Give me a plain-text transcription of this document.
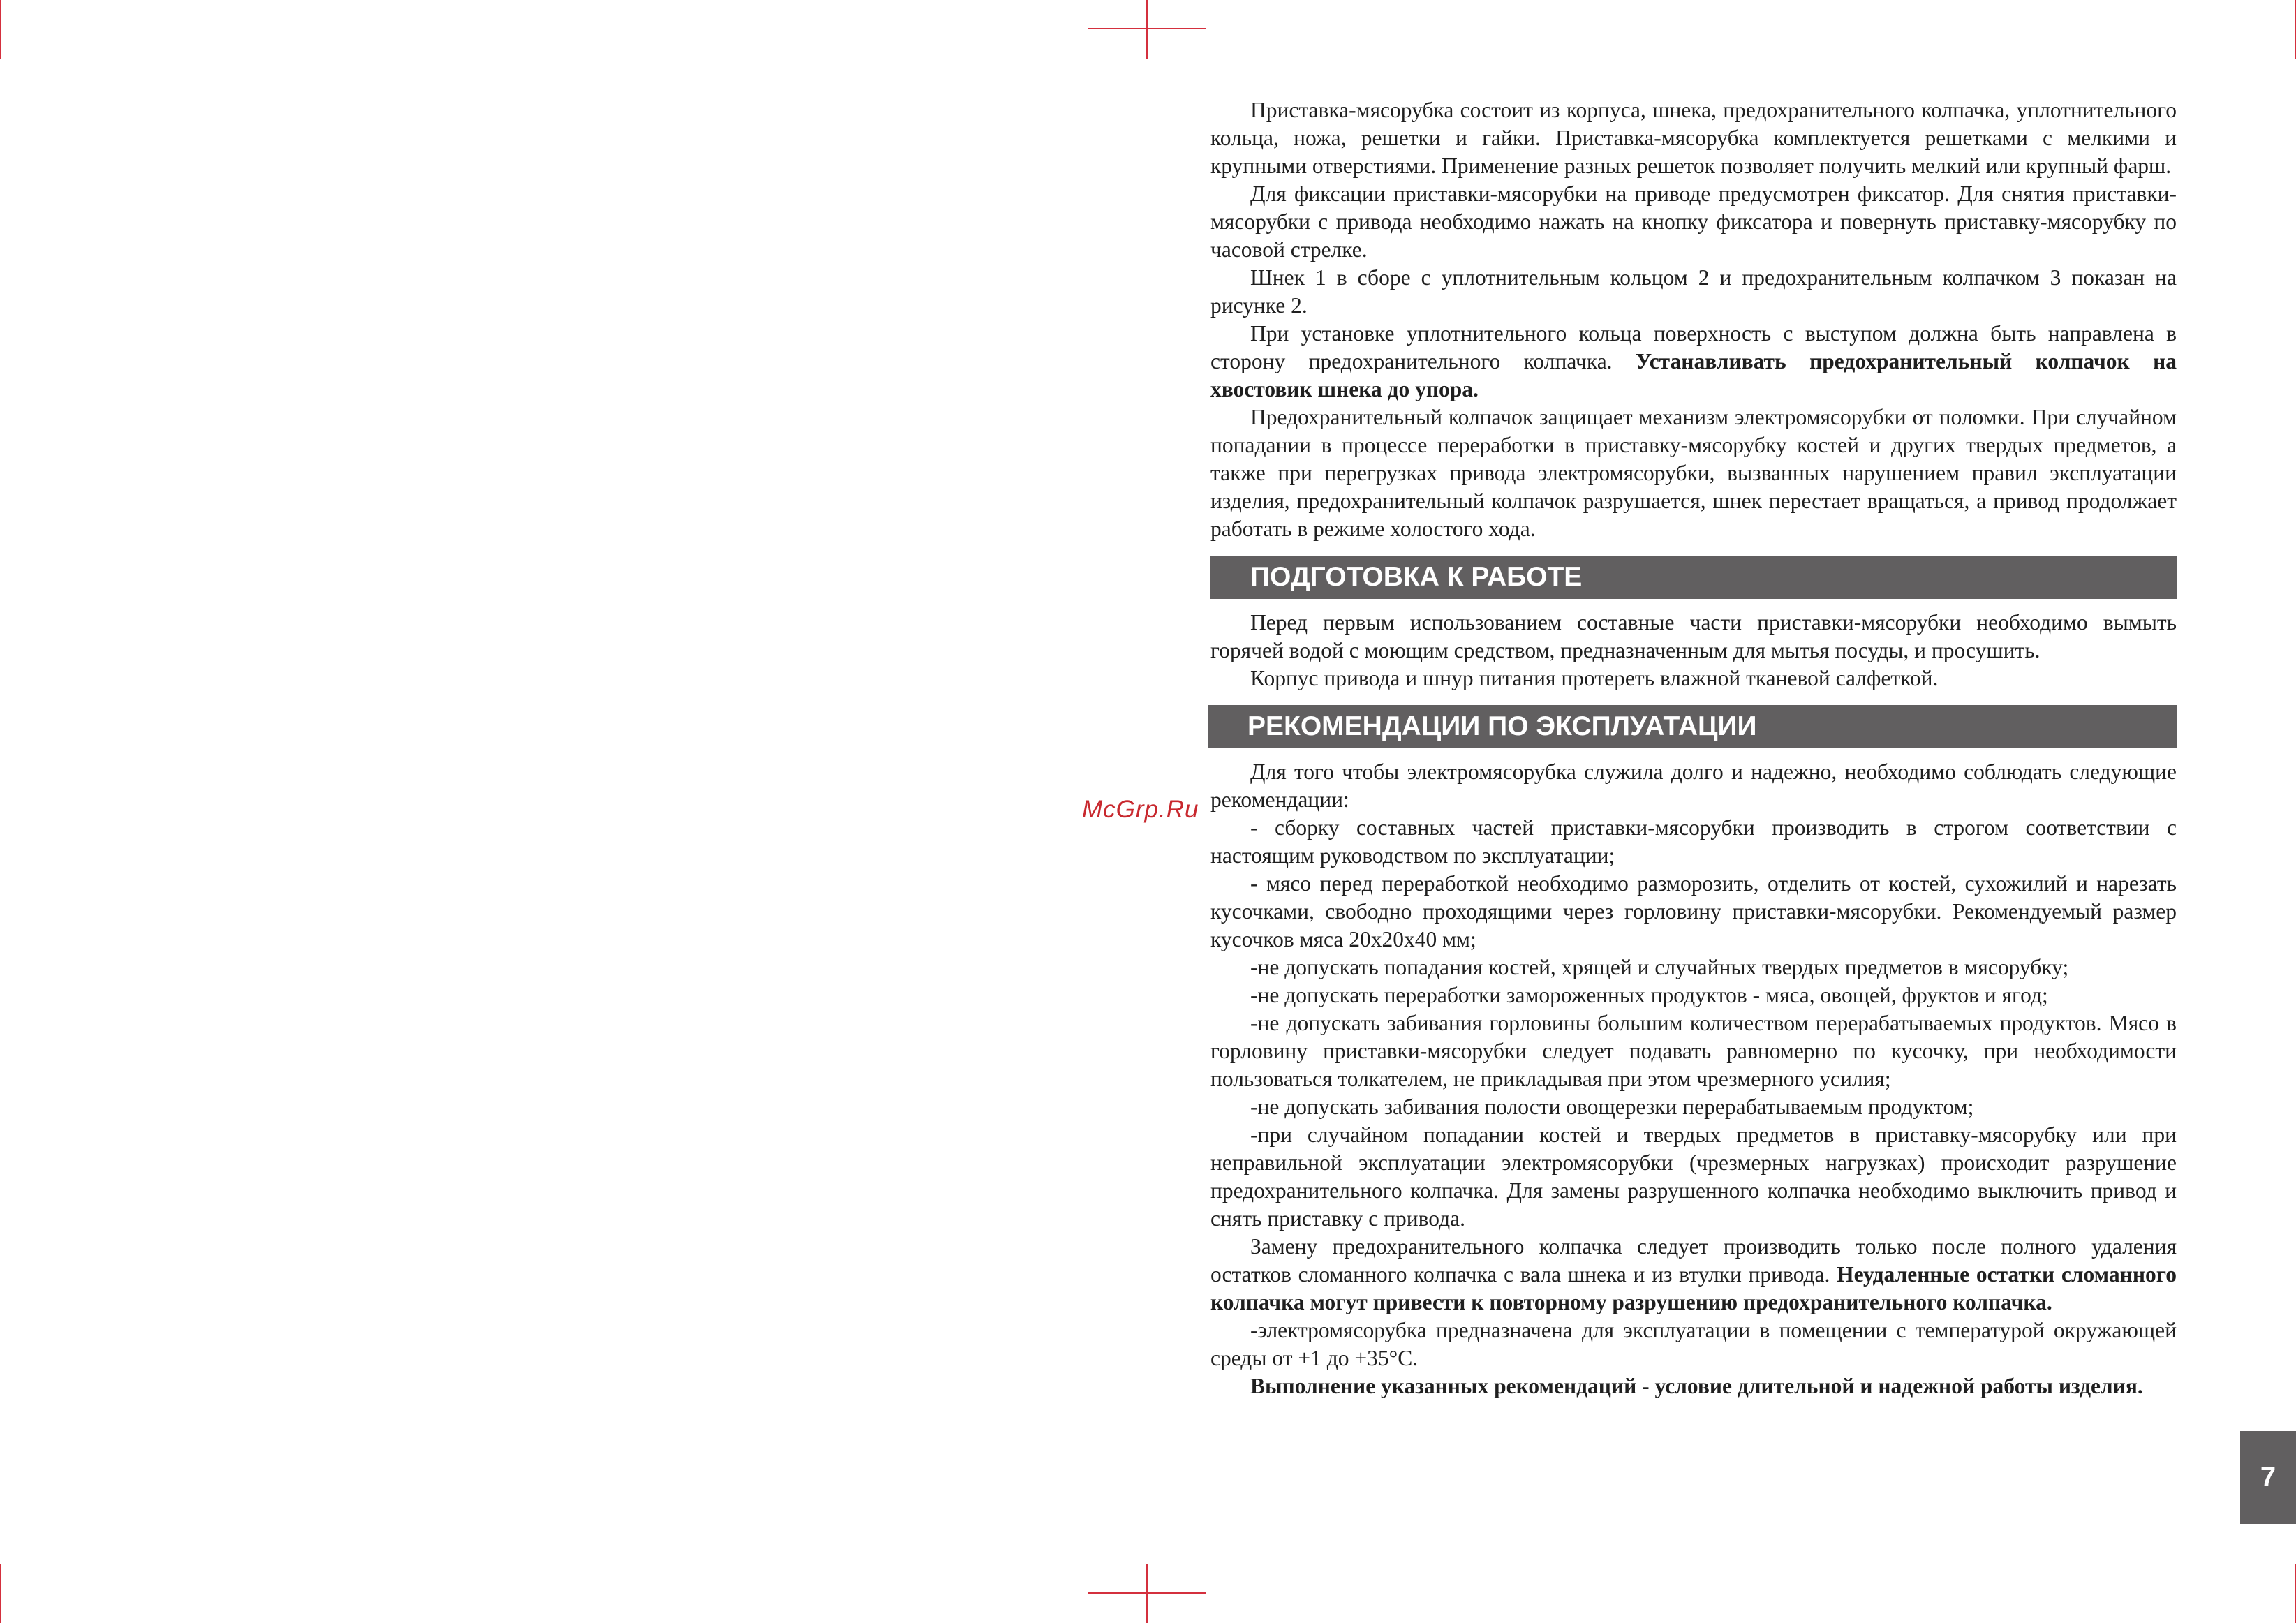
McGrp.Ru

Приставка-мясорубка состоит из корпуса, шнека, предохранительного колпачка, уплотнительного кольца, ножа, решетки и гайки. Приставка-мясорубка комплектуется решетками с мелкими и крупными отверстиями. Применение разных решеток позволяет получить мелкий или крупный фарш.

Для фиксации приставки-мясорубки на приводе предусмотрен фиксатор. Для снятия приставки-мясорубки с привода необходимо нажать на кнопку фиксатора и повернуть приставку-мясорубку по часовой стрелке.

Шнек 1 в сборе с уплотнительным кольцом 2 и предохранительным колпачком 3 показан на рисунке 2.

При установке уплотнительного кольца поверхность с выступом должна быть направлена в сторону предохранительного колпачка. Устанавливать предохранительный колпачок на хвостовик шнека до упора.

Предохранительный колпачок защищает механизм электромясорубки от поломки. При случайном попадании в процессе переработки в приставку-мясорубку костей и других твердых предметов, а также при перегрузках привода электромясорубки, вызванных нарушением правил эксплуатации изделия, предохранительный колпачок разрушается, шнек перестает вращаться, а привод продолжает работать в режиме холостого хода.

ПОДГОТОВКА К РАБОТЕ

Перед первым использованием составные части приставки-мясорубки необходимо вымыть горячей водой с моющим средством, предназначенным для мытья посуды, и просушить.

Корпус привода и шнур питания протереть влажной тканевой салфеткой.

РЕКОМЕНДАЦИИ ПО ЭКСПЛУАТАЦИИ

Для того чтобы электромясорубка служила долго и надежно, необходимо соблюдать следующие рекомендации:

- сборку составных частей приставки-мясорубки производить в строгом соответствии с настоящим руководством по эксплуатации;

- мясо перед переработкой необходимо разморозить, отделить от костей, сухожилий и нарезать кусочками, свободно проходящими через горловину приставки-мясорубки. Рекомендуемый размер кусочков мяса 20х20х40 мм;

-не допускать попадания костей, хрящей и случайных твердых предметов в мясорубку;

-не допускать переработки замороженных продуктов - мяса, овощей, фруктов и ягод;

-не допускать забивания горловины большим количеством перерабатываемых продуктов. Мясо в горловину приставки-мясорубки следует подавать равномерно по кусочку, при необходимости пользоваться толкателем, не прикладывая при этом чрезмерного усилия;

-не допускать забивания полости овощерезки перерабатываемым продуктом;

-при случайном попадании костей и твердых предметов в приставку-мясорубку или при неправильной эксплуатации электромясорубки (чрезмерных нагрузках) происходит разрушение предохранительного колпачка. Для замены разрушенного колпачка необходимо выключить привод и снять приставку с привода.

Замену предохранительного колпачка следует производить только после полного удаления остатков сломанного колпачка с вала шнека и из втулки привода. Неудаленные остатки сломанного колпачка могут привести к повторному разрушению предохранительного колпачка.

-электромясорубка предназначена для эксплуатации в помещении с температурой окружающей среды от +1 до +35°С.

Выполнение указанных рекомендаций - условие длительной и надежной работы изделия.

7
